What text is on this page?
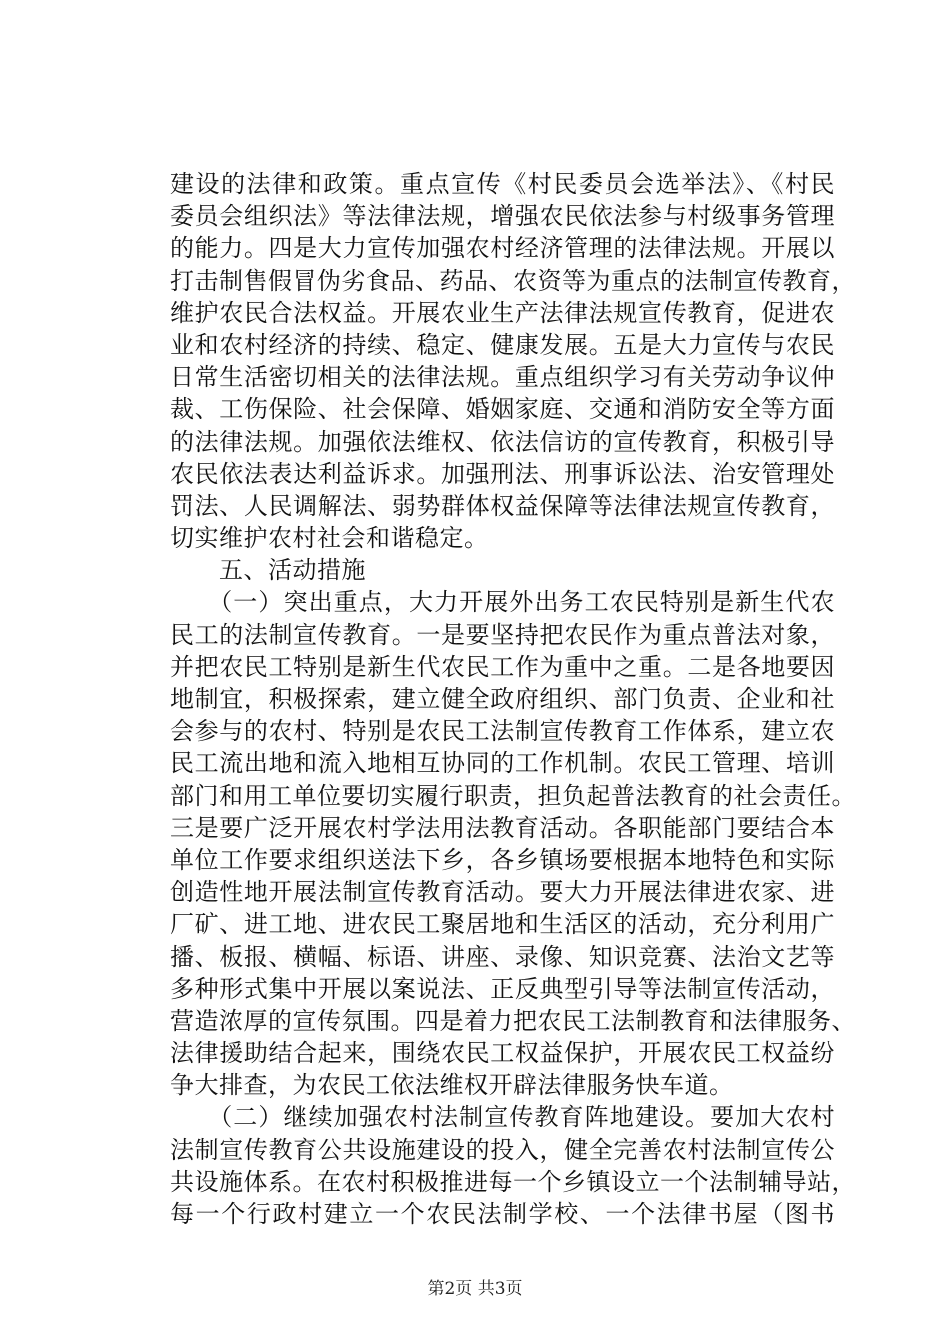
建设的法律和政策。重点宣传《村民委员会选举法》、《村民
委员会组织法》等法律法规，增强农民依法参与村级事务管理
的能力。四是大力宣传加强农村经济管理的法律法规。开展以
打击制售假冒伪劣食品、药品、农资等为重点的法制宣传教育，
维护农民合法权益。开展农业生产法律法规宣传教育，促进农
业和农村经济的持续、稳定、健康发展。五是大力宣传与农民
日常生活密切相关的法律法规。重点组织学习有关劳动争议仲
裁、工伤保险、社会保障、婚姻家庭、交通和消防安全等方面
的法律法规。加强依法维权、依法信访的宣传教育，积极引导
农民依法表达利益诉求。加强刑法、刑事诉讼法、治安管理处
罚法、人民调解法、弱势群体权益保障等法律法规宣传教育，
切实维护农村社会和谐稳定。
　　五、活动措施
　　（一）突出重点，大力开展外出务工农民特别是新生代农
民工的法制宣传教育。一是要坚持把农民作为重点普法对象，
并把农民工特别是新生代农民工作为重中之重。二是各地要因
地制宜，积极探索，建立健全政府组织、部门负责、企业和社
会参与的农村、特别是农民工法制宣传教育工作体系，建立农
民工流出地和流入地相互协同的工作机制。农民工管理、培训
部门和用工单位要切实履行职责，担负起普法教育的社会责任。
三是要广泛开展农村学法用法教育活动。各职能部门要结合本
单位工作要求组织送法下乡，各乡镇场要根据本地特色和实际
创造性地开展法制宣传教育活动。要大力开展法律进农家、进
厂矿、进工地、进农民工聚居地和生活区的活动，充分利用广
播、板报、横幅、标语、讲座、录像、知识竞赛、法治文艺等
多种形式集中开展以案说法、正反典型引导等法制宣传活动，
营造浓厚的宣传氛围。四是着力把农民工法制教育和法律服务、
法律援助结合起来，围绕农民工权益保护，开展农民工权益纷
争大排查，为农民工依法维权开辟法律服务快车道。
　　（二）继续加强农村法制宣传教育阵地建设。要加大农村
法制宣传教育公共设施建设的投入，健全完善农村法制宣传公
共设施体系。在农村积极推进每一个乡镇设立一个法制辅导站，
每一个行政村建立一个农民法制学校、一个法律书屋（图书
第2页 共3页
